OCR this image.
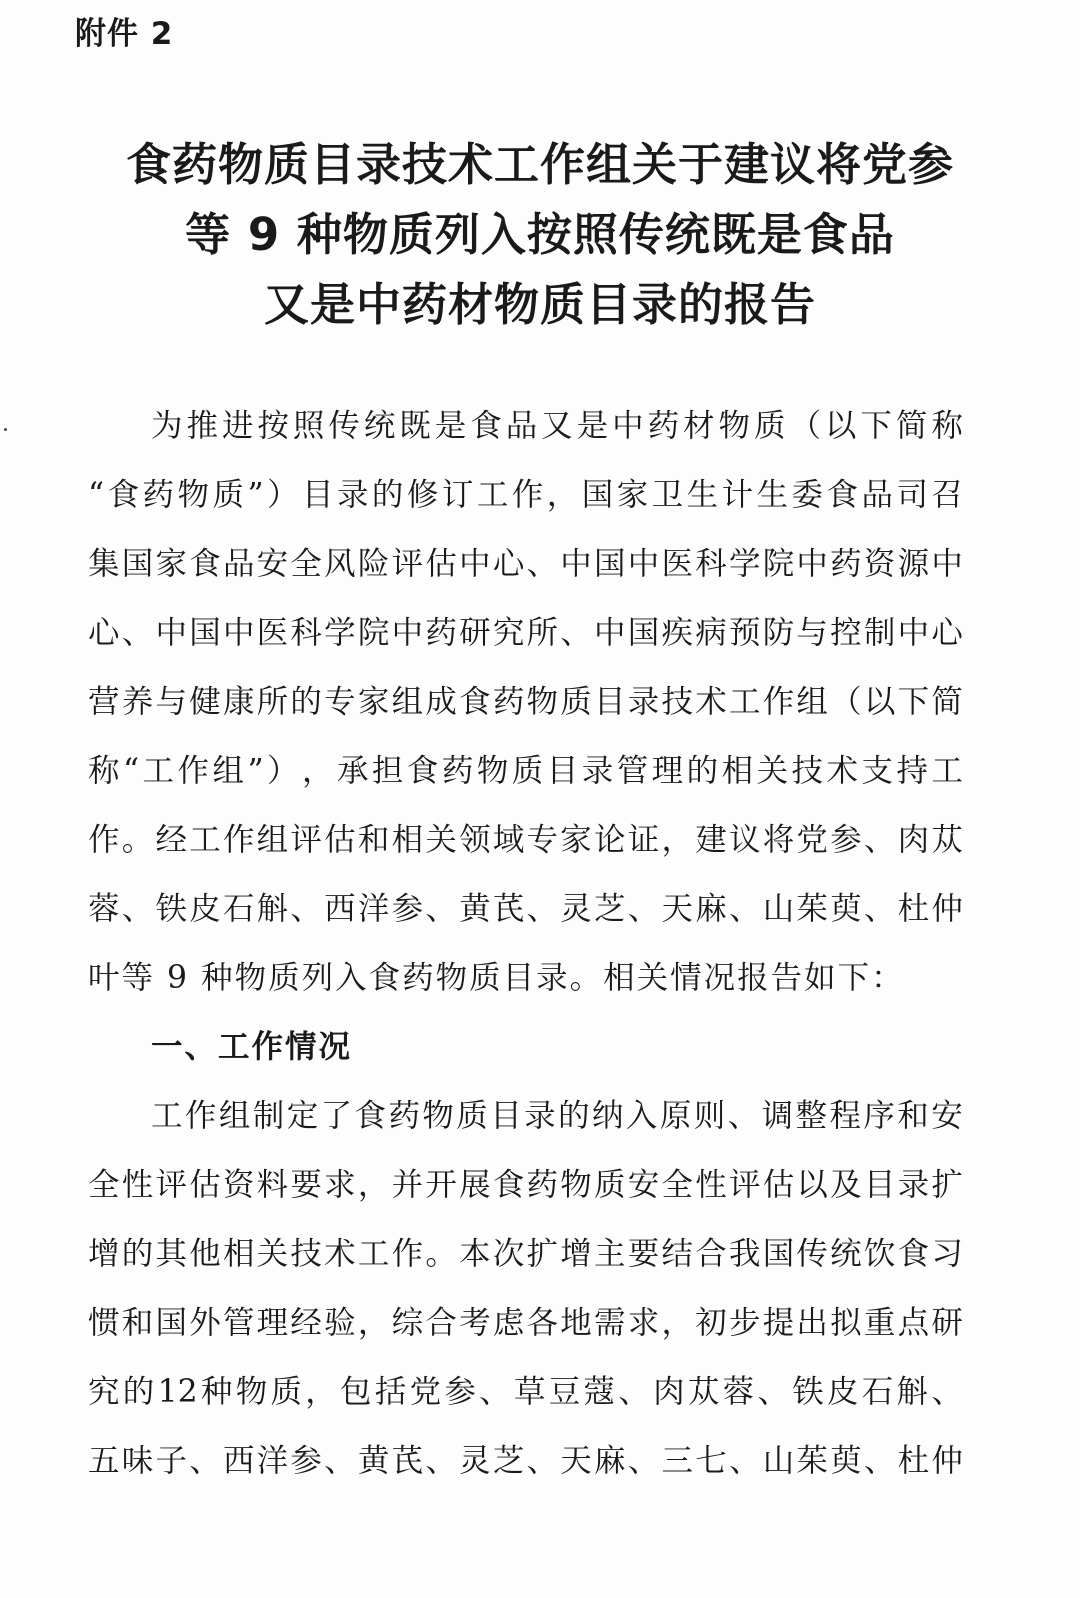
附件 2
食药物质目录技术工作组关于建议将党参
等 9 种物质列入按照传统既是食品
又是中药材物质目录的报告
为 推 进 按 照 传 统 既 是 食 品 又 是 中 药 材 物 质 （ 以 下 简 称
“ 食 药 物 质 ” ） 目 录 的 修 订 工 作 ， 国 家 卫 生 计 生 委 食 品 司 召
集 国 家 食 品 安 全 风 险 评 估 中 心 、 中 国 中 医 科 学 院 中 药 资 源 中
心 、 中 国 中 医 科 学 院 中 药 研 究 所 、 中 国 疾 病 预 防 与 控 制 中 心
营 养 与 健 康 所 的 专 家 组 成 食 药 物 质 目 录 技 术 工 作 组 （ 以 下 简
称 “ 工 作 组 ” ） ， 承 担 食 药 物 质 目 录 管 理 的 相 关 技 术 支 持 工
作 。 经 工 作 组 评 估 和 相 关 领 域 专 家 论 证 ， 建 议 将 党 参 、 肉 苁
蓉 、 铁 皮 石 斛 、 西 洋 参 、 黄 芪 、 灵 芝 、 天 麻 、 山 茱 萸 、 杜 仲
叶等 9 种物质列入食药物质目录。相关情况报告如下：
一、工作情况
工 作 组 制 定 了 食 药 物 质 目 录 的 纳 入 原 则 、 调 整 程 序 和 安
全 性 评 估 资 料 要 求 ， 并 开 展 食 药 物 质 安 全 性 评 估 以 及 目 录 扩
增 的 其 他 相 关 技 术 工 作 。 本 次 扩 增 主 要 结 合 我 国 传 统 饮 食 习
惯 和 国 外 管 理 经 验 ， 综 合 考 虑 各 地 需 求 ， 初 步 提 出 拟 重 点 研
究 的 12 种 物 质 ， 包 括 党 参 、 草 豆 蔻 、 肉 苁 蓉 、 铁 皮 石 斛 、
五 味 子 、 西 洋 参 、 黄 芪 、 灵 芝 、 天 麻 、 三 七 、 山 茱 萸 、 杜 仲
